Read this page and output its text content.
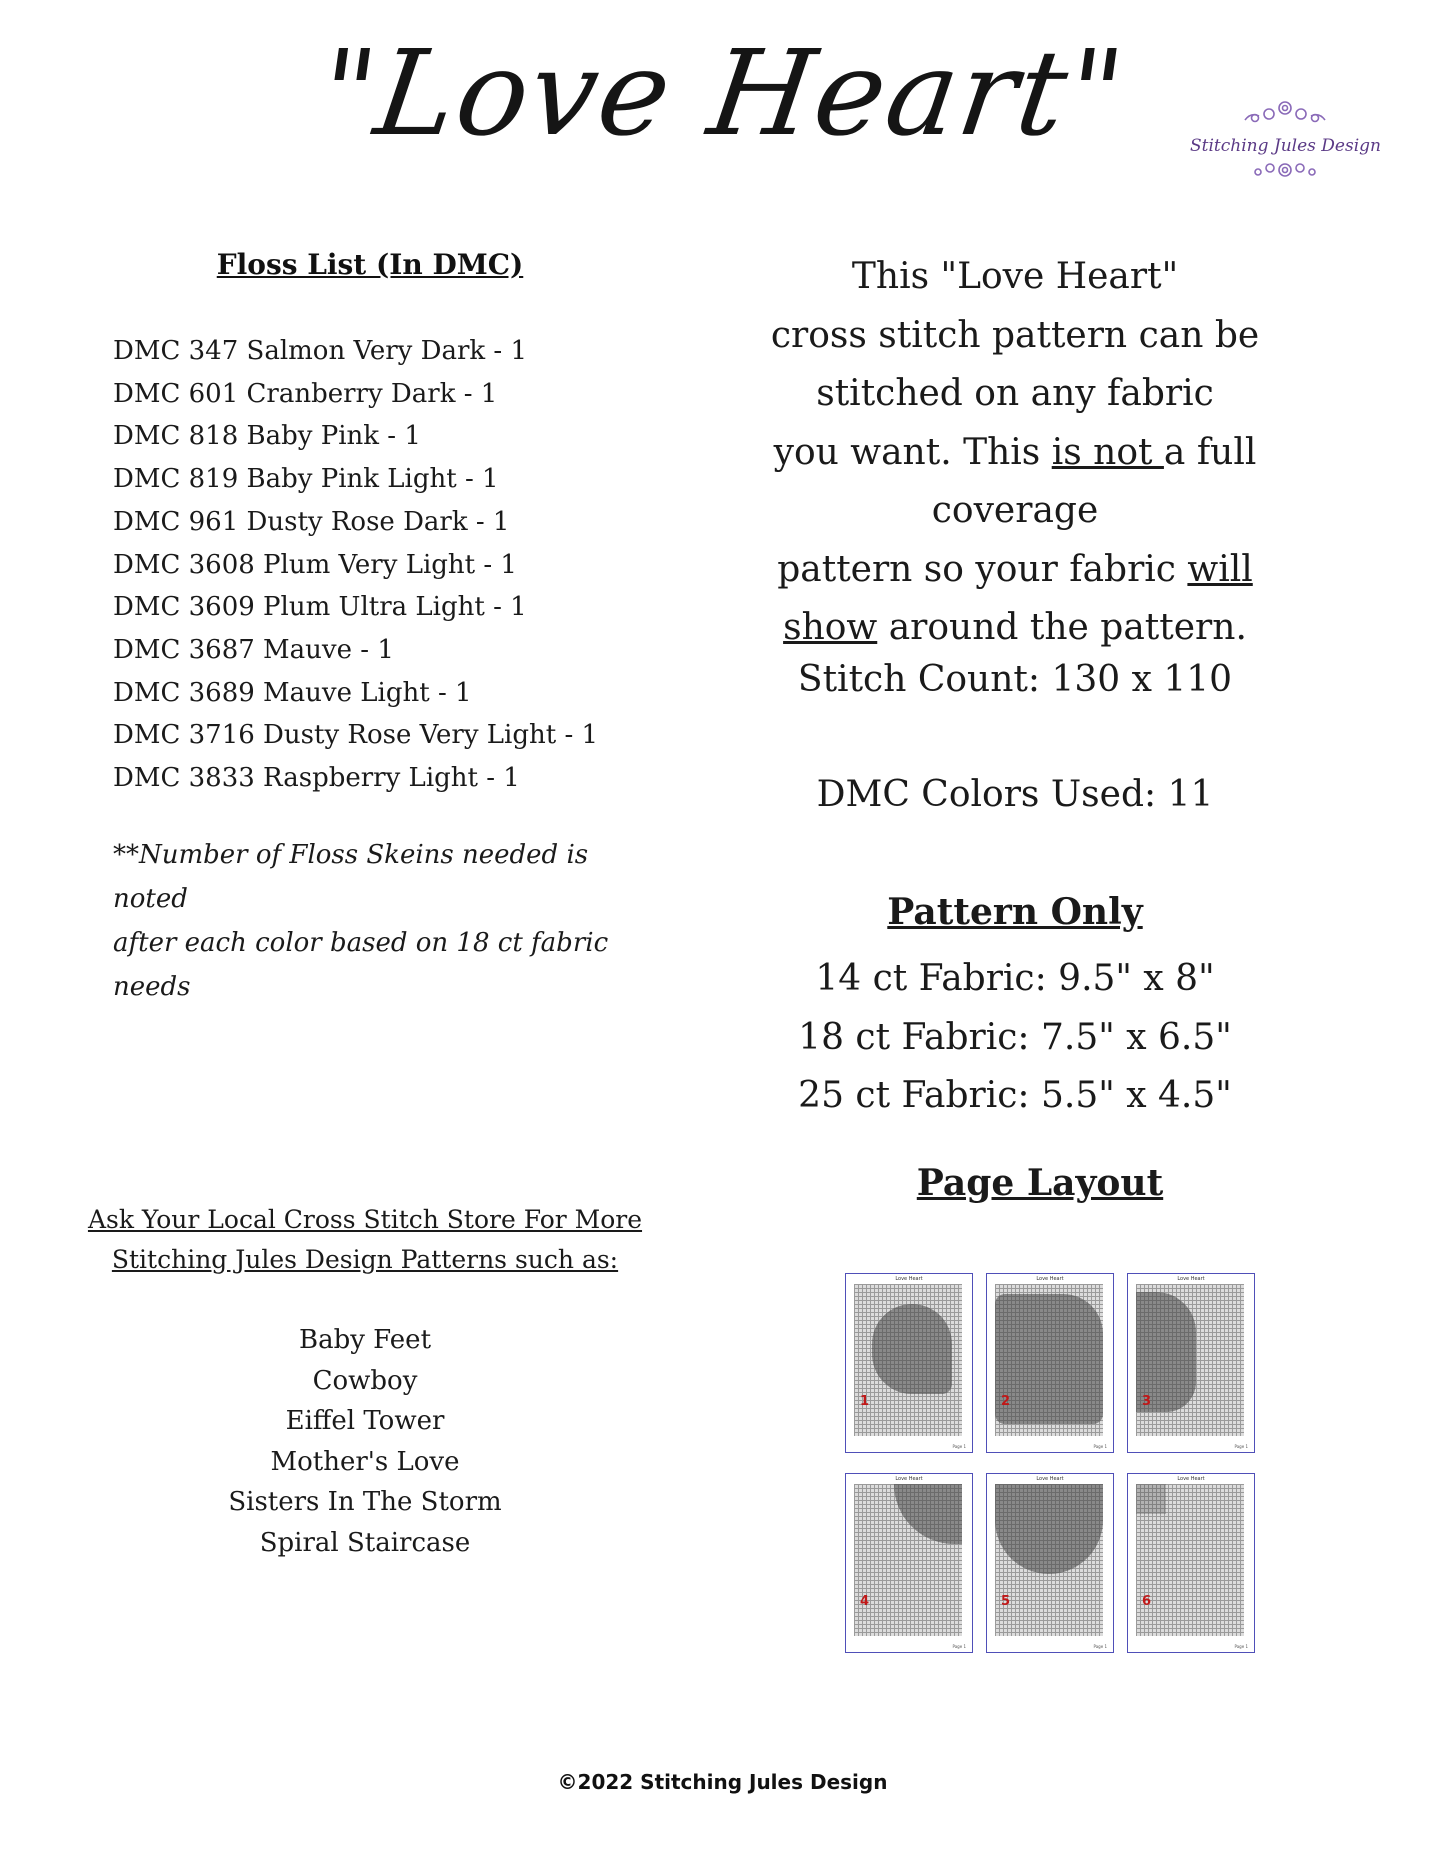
"Love Heart"	Stitching Jules Design
Floss List (In DMC)
DMC 347 Salmon Very Dark - 1
DMC 601 Cranberry Dark - 1
DMC 818 Baby Pink - 1
DMC 819 Baby Pink Light - 1
DMC 961 Dusty Rose Dark - 1
DMC 3608 Plum Very Light - 1
DMC 3609 Plum Ultra Light - 1
DMC 3687 Mauve - 1
DMC 3689 Mauve Light - 1
DMC 3716 Dusty Rose Very Light - 1
DMC 3833 Raspberry Light - 1
**Number of Floss Skeins needed is noted
after each color based on 18 ct fabric needs
Ask Your Local Cross Stitch Store For More
Stitching Jules Design Patterns such as:
Baby Feet
Cowboy
Eiffel Tower
Mother's Love
Sisters In The Storm
Spiral Staircase
This "Love Heart"
cross stitch pattern can be
stitched on any fabric
you want. This is not a full coverage
pattern so your fabric will
show around the pattern.
Stitch Count: 130 x 110
DMC Colors Used: 11
Pattern Only
14 ct Fabric: 9.5" x 8"
18 ct Fabric: 7.5" x 6.5"
25 ct Fabric: 5.5" x 4.5"
Page Layout
Love Heart
1
Page 1
Love Heart
2
Page 1
Love Heart
3
Page 1
Love Heart
4
Page 1
Love Heart
5
Page 1
Love Heart
6
Page 1
©2022 Stitching Jules Design
